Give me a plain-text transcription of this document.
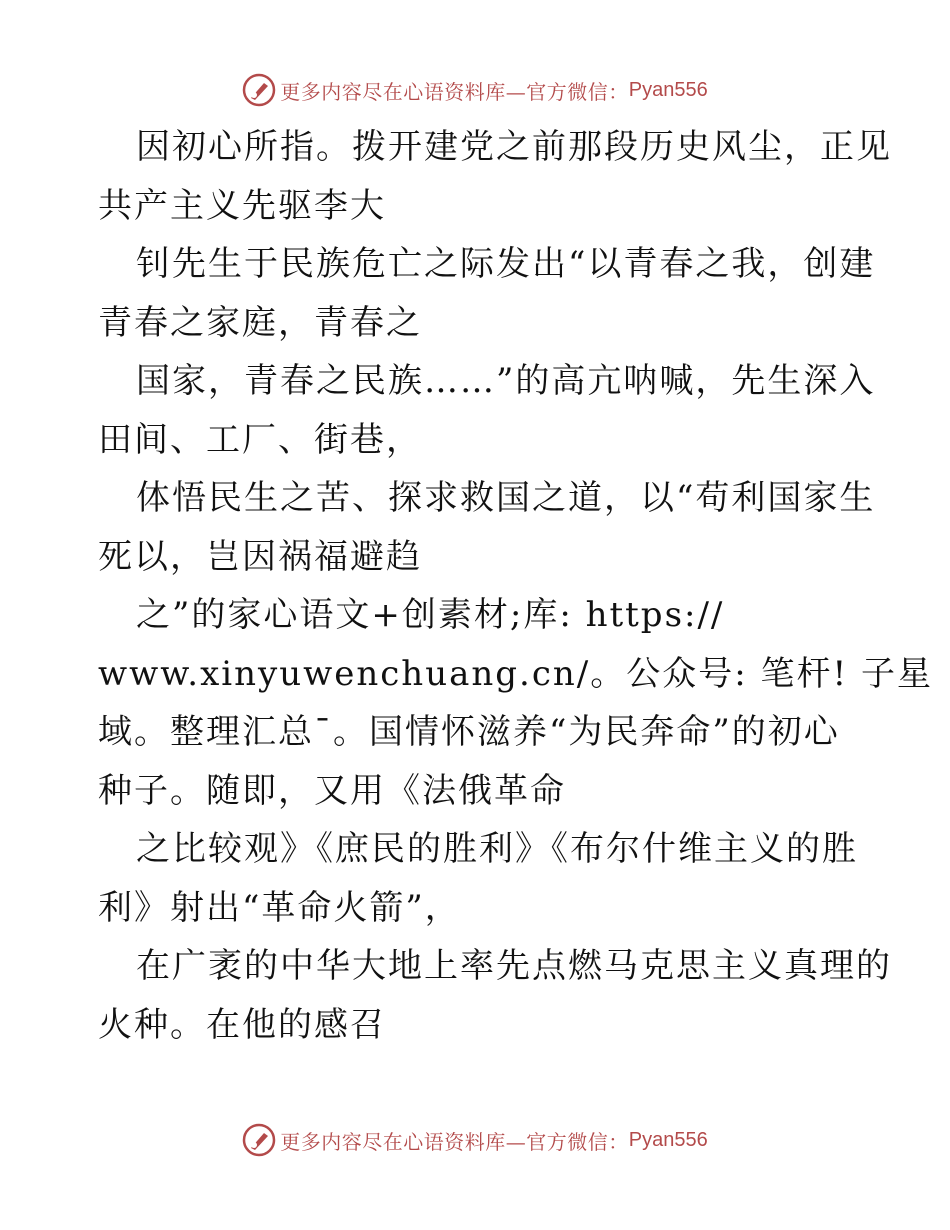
更多内容尽在心语资料库—官方微信： Pyan556
因初心所指。拨开建党之前那段历史风尘，正见
共产主义先驱李大
钊先生于民族危亡之际发出“以青春之我，创建
青春之家庭，青春之
国家，青春之民族……”的高亢呐喊，先生深入
田间、工厂、街巷，
体悟民生之苦、探求救国之道，以“苟利国家生
死以，岂因祸福避趋
之”的家心语文+创素材;库: https://
www.xinyuwenchuang.cn/。公众号: 笔杆! 子星
域。整理汇总¯。国情怀滋养“为民奔命”的初心
种子。随即，又用《法俄革命
之比较观》《庶民的胜利》《布尔什维主义的胜
利》射出“革命火箭”，
在广袤的中华大地上率先点燃马克思主义真理的
火种。在他的感召
更多内容尽在心语资料库—官方微信： Pyan556
